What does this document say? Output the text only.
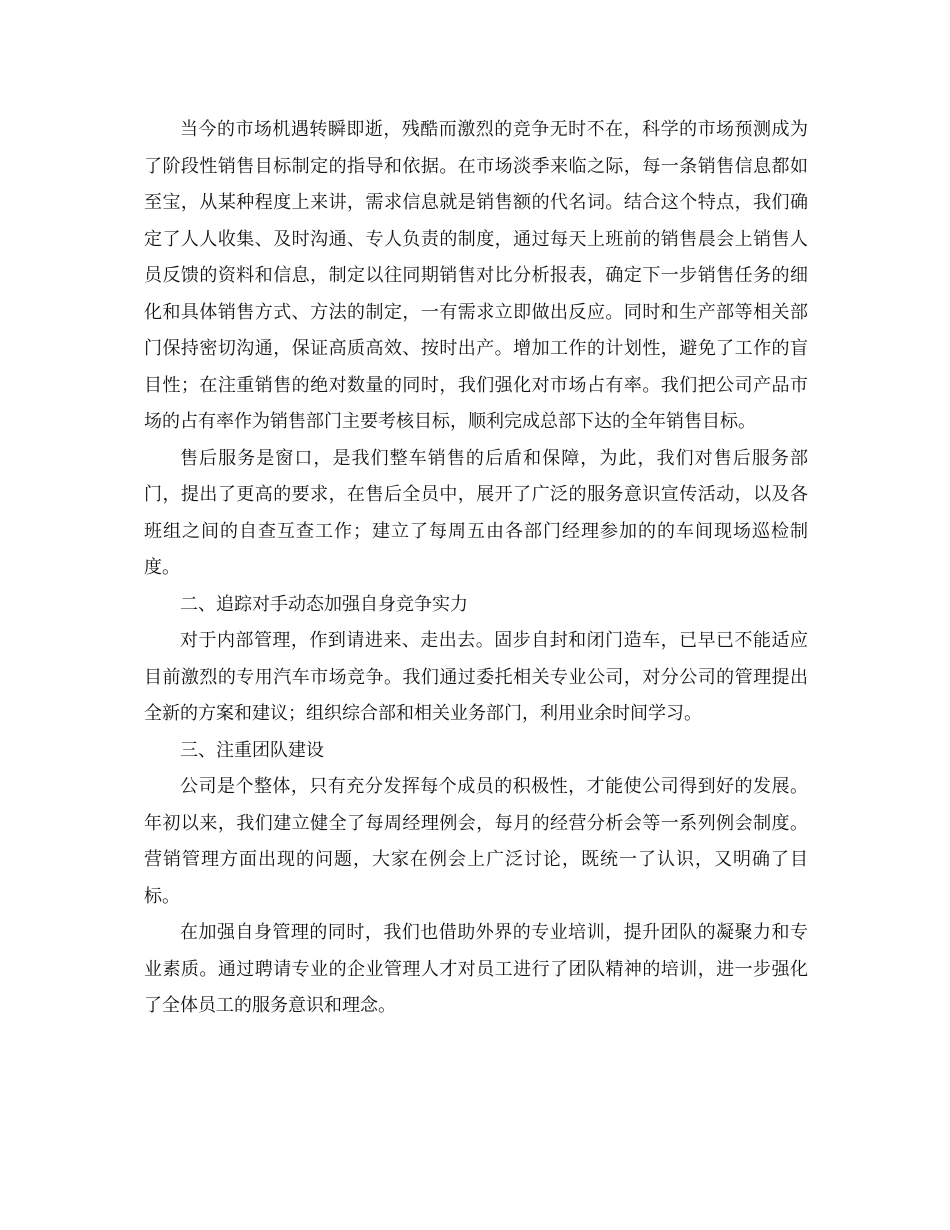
当今的市场机遇转瞬即逝，残酷而激烈的竞争无时不在，科学的市场预测成为了阶段性销售目标制定的指导和依据。在市场淡季来临之际，每一条销售信息都如至宝，从某种程度上来讲，需求信息就是销售额的代名词。结合这个特点，我们确定了人人收集、及时沟通、专人负责的制度，通过每天上班前的销售晨会上销售人员反馈的资料和信息，制定以往同期销售对比分析报表，确定下一步销售任务的细化和具体销售方式、方法的制定，一有需求立即做出反应。同时和生产部等相关部门保持密切沟通，保证高质高效、按时出产。增加工作的计划性，避免了工作的盲目性；在注重销售的绝对数量的同时，我们强化对市场占有率。我们把公司产品市场的占有率作为销售部门主要考核目标，顺利完成总部下达的全年销售目标。

售后服务是窗口，是我们整车销售的后盾和保障，为此，我们对售后服务部门，提出了更高的要求，在售后全员中，展开了广泛的服务意识宣传活动，以及各班组之间的自查互查工作；建立了每周五由各部门经理参加的的车间现场巡检制度。

二、追踪对手动态加强自身竞争实力

对于内部管理，作到请进来、走出去。固步自封和闭门造车，已早已不能适应目前激烈的专用汽车市场竞争。我们通过委托相关专业公司，对分公司的管理提出全新的方案和建议；组织综合部和相关业务部门，利用业余时间学习。

三、注重团队建设

公司是个整体，只有充分发挥每个成员的积极性，才能使公司得到好的发展。年初以来，我们建立健全了每周经理例会，每月的经营分析会等一系列例会制度。营销管理方面出现的问题，大家在例会上广泛讨论，既统一了认识，又明确了目标。

在加强自身管理的同时，我们也借助外界的专业培训，提升团队的凝聚力和专业素质。通过聘请专业的企业管理人才对员工进行了团队精神的培训，进一步强化了全体员工的服务意识和理念。
